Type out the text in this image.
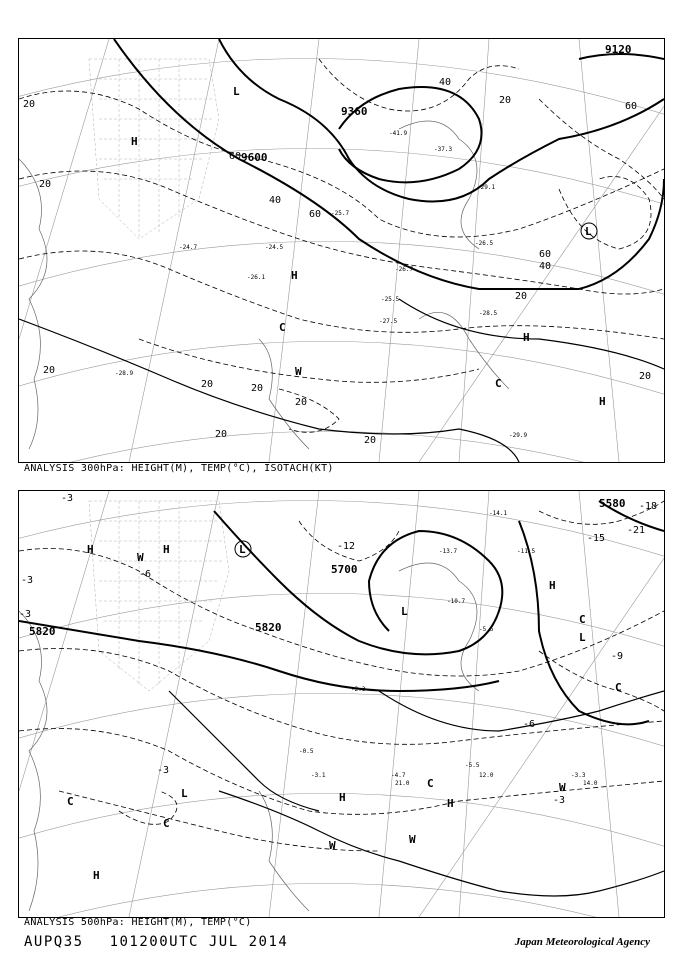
9120
9360
9600
20
20
40
40
60
60
60
60
40
20
20
20
20
20
20
20
20
20
H
H
H
H
L
L
C
C
W
-37.3
-41.9
-29.1
-25.7
-26.5
-24.5
-26.7
-26.1
-28.5
-29.9
-24.7
-25.5
-28.9
-27.5
ANALYSIS 300hPa: HEIGHT(M), TEMP(°C), ISOTACH(KT)
5580
5700
5820
5820
-3
-3
-3
-6
-9
-12
-15
-21
-18
-3
-6
-3
H	H
H
H	H
H
L
L
L
L
C
C
C
C
C
W	W
W
W
-5.5
-3.3
-4.7
-3.1
-2.3
-10.7
-11.5
-13.7
-14.1
-5.5
12.0
14.0
21.0
-0.5
ANALYSIS 500hPa: HEIGHT(M), TEMP(°C)
AUPQ35 101200UTC JUL 2014	Japan Meteorological Agency
